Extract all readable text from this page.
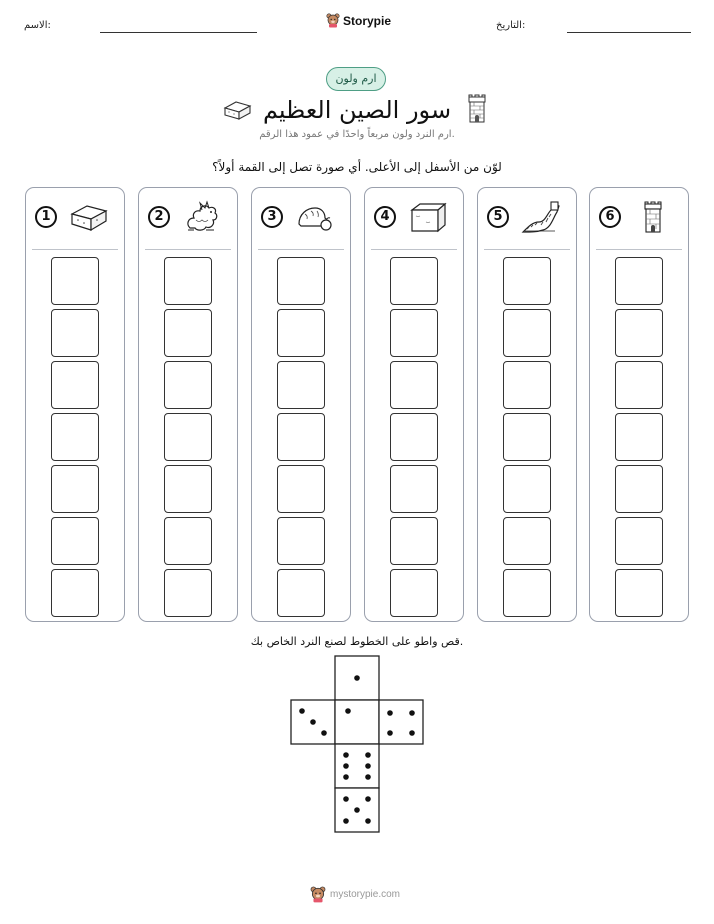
الاسم:	Storypie	التاريخ:
ارم ولون
سور الصين العظيم
ارم النرد ولون مربعاً واحدًا في عمود هذا الرقم.
لوّن من الأسفل إلى الأعلى. أي صورة تصل إلى القمة أولاً؟
1	2	3	4	5	6
قص واطو على الخطوط لصنع النرد الخاص بك.
mystorypie.com
